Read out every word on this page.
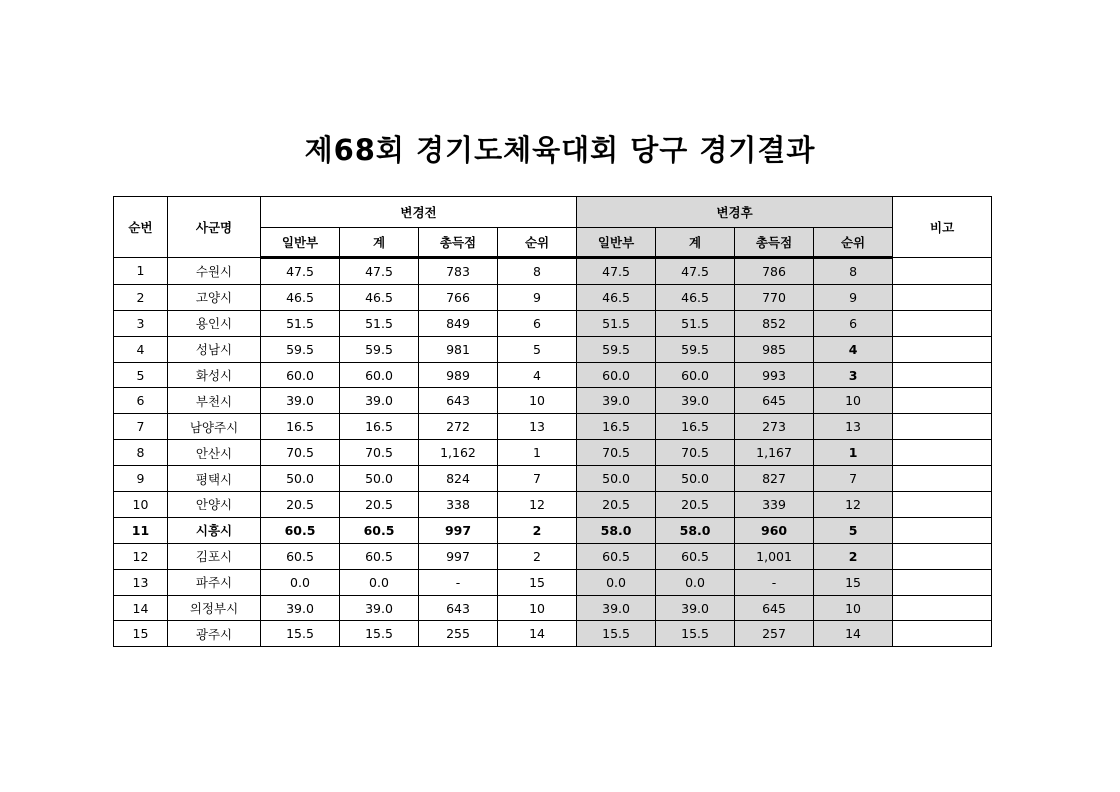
제68회 경기도체육대회 당구 경기결과
순번	사군명	변경전				변경후				비고
		일반부	계	총득점	순위	일반부	계	총득점	순위	
1	수원시	47.5	47.5	783	8	47.5	47.5	786	8	
2	고양시	46.5	46.5	766	9	46.5	46.5	770	9	
3	용인시	51.5	51.5	849	6	51.5	51.5	852	6	
4	성남시	59.5	59.5	981	5	59.5	59.5	985	4	
5	화성시	60.0	60.0	989	4	60.0	60.0	993	3	
6	부천시	39.0	39.0	643	10	39.0	39.0	645	10	
7	남양주시	16.5	16.5	272	13	16.5	16.5	273	13	
8	안산시	70.5	70.5	1,162	1	70.5	70.5	1,167	1	
9	평택시	50.0	50.0	824	7	50.0	50.0	827	7	
10	안양시	20.5	20.5	338	12	20.5	20.5	339	12	
11	시흥시	60.5	60.5	997	2	58.0	58.0	960	5	
12	김포시	60.5	60.5	997	2	60.5	60.5	1,001	2	
13	파주시	0.0	0.0	-	15	0.0	0.0	-	15	
14	의정부시	39.0	39.0	643	10	39.0	39.0	645	10	
15	광주시	15.5	15.5	255	14	15.5	15.5	257	14	
